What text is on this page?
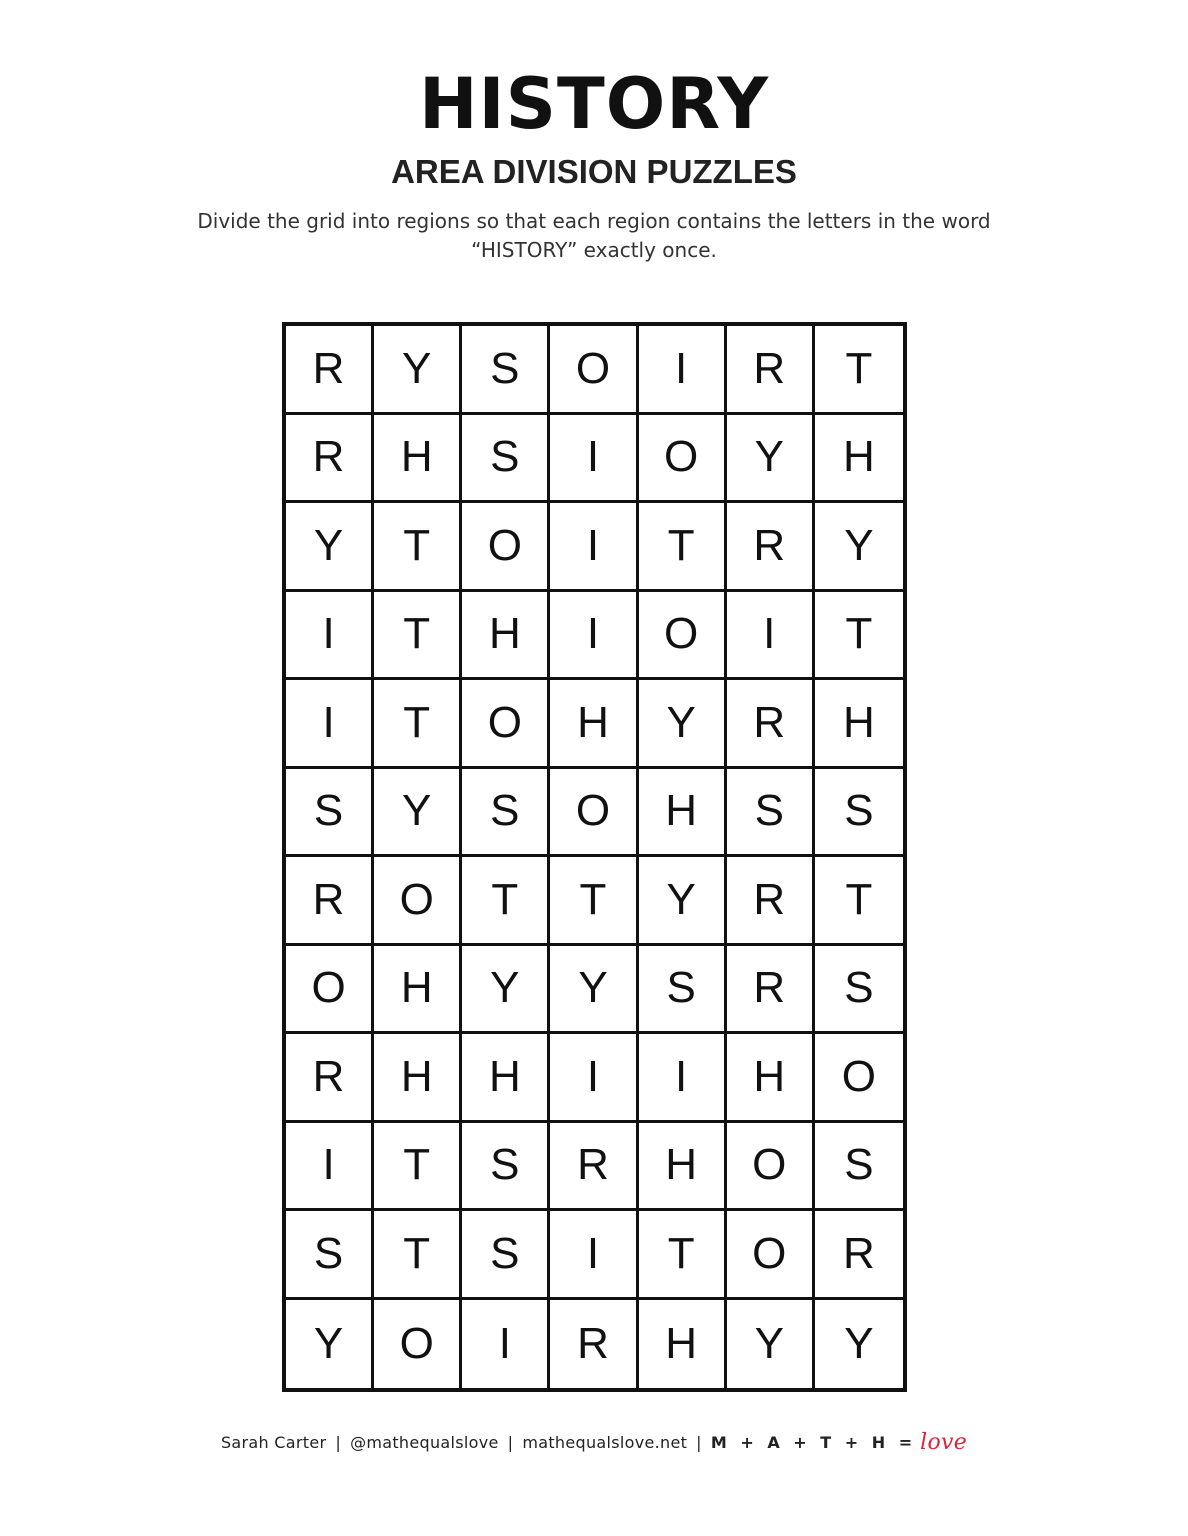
HISTORY
AREA DIVISION PUZZLES

Divide the grid into regions so that each region contains the letters in the word “HISTORY” exactly once.

R	Y	S	O	I	R	T
R	H	S	I	O	Y	H
Y	T	O	I	T	R	Y
I	T	H	I	O	I	T
I	T	O	H	Y	R	H
S	Y	S	O	H	S	S
R	O	T	T	Y	R	T
O	H	Y	Y	S	R	S
R	H	H	I	I	H	O
I	T	S	R	H	O	S
S	T	S	I	T	O	R
Y	O	I	R	H	Y	Y
Sarah Carter | @mathequalslove | mathequalslove.net | M + A + T + H = love
